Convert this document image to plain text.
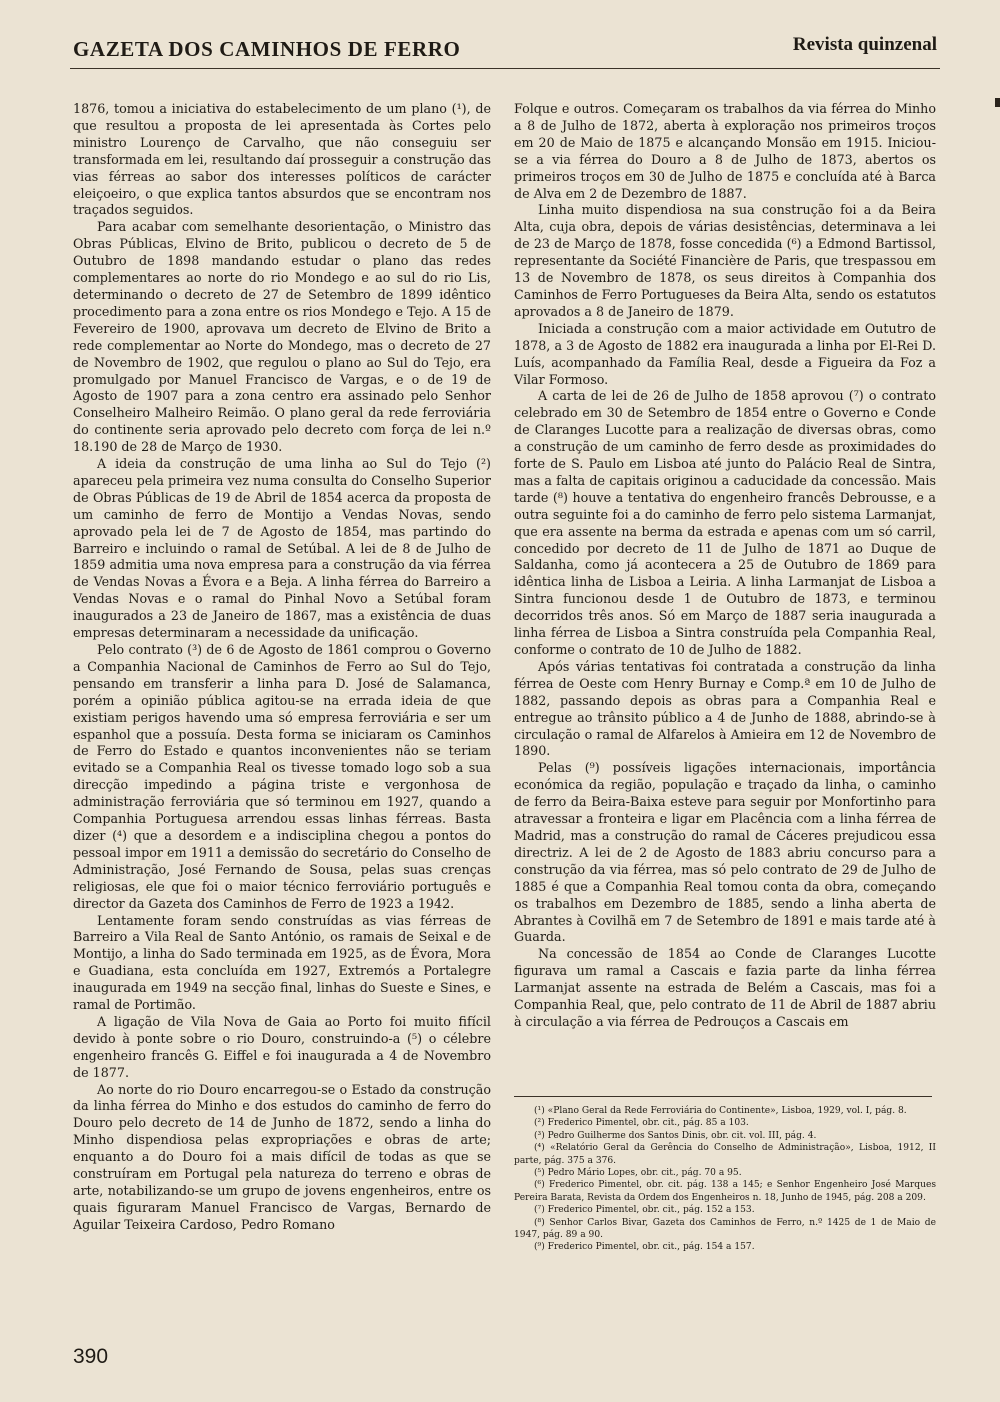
GAZETA DOS CAMINHOS DE FERRO	Revista quinzenal

1876, tomou a iniciativa do estabelecimento de um plano (¹), de que resultou a proposta de lei apresentada às Cortes pelo ministro Lourenço de Carvalho, que não conseguiu ser transformada em lei, resultando daí prosseguir a construção das vias férreas ao sabor dos interesses políticos de carácter eleiçoeiro, o que explica tantos absurdos que se encontram nos traçados seguidos.

Para acabar com semelhante desorientação, o Ministro das Obras Públicas, Elvino de Brito, publicou o decreto de 5 de Outubro de 1898 mandando estudar o plano das redes complementares ao norte do rio Mondego e ao sul do rio Lis, determinando o decreto de 27 de Setembro de 1899 idêntico procedimento para a zona entre os rios Mondego e Tejo. A 15 de Fevereiro de 1900, aprovava um decreto de Elvino de Brito a rede complementar ao Norte do Mondego, mas o decreto de 27 de Novembro de 1902, que regulou o plano ao Sul do Tejo, era promulgado por Manuel Francisco de Vargas, e o de 19 de Agosto de 1907 para a zona centro era assinado pelo Senhor Conselheiro Malheiro Reimão. O plano geral da rede ferroviária do continente seria aprovado pelo decreto com força de lei n.º 18.190 de 28 de Março de 1930.

A ideia da construção de uma linha ao Sul do Tejo (²) apareceu pela primeira vez numa consulta do Conselho Superior de Obras Públicas de 19 de Abril de 1854 acerca da proposta de um caminho de ferro de Montijo a Vendas Novas, sendo aprovado pela lei de 7 de Agosto de 1854, mas partindo do Barreiro e incluindo o ramal de Setúbal. A lei de 8 de Julho de 1859 admitia uma nova empresa para a construção da via férrea de Vendas Novas a Évora e a Beja. A linha férrea do Barreiro a Vendas Novas e o ramal do Pinhal Novo a Setúbal foram inaugurados a 23 de Janeiro de 1867, mas a existência de duas empresas determinaram a necessidade da unificação.

Pelo contrato (³) de 6 de Agosto de 1861 comprou o Governo a Companhia Nacional de Caminhos de Ferro ao Sul do Tejo, pensando em transferir a linha para D. José de Salamanca, porém a opinião pública agitou-se na errada ideia de que existiam perigos havendo uma só empresa ferroviária e ser um espanhol que a possuía. Desta forma se iniciaram os Caminhos de Ferro do Estado e quantos inconvenientes não se teriam evitado se a Companhia Real os tivesse tomado logo sob a sua direcção impedindo a página triste e vergonhosa de administração ferroviária que só terminou em 1927, quando a Companhia Portuguesa arrendou essas linhas férreas. Basta dizer (⁴) que a desordem e a indisciplina chegou a pontos do pessoal impor em 1911 a demissão do secretário do Conselho de Administração, José Fernando de Sousa, pelas suas crenças religiosas, ele que foi o maior técnico ferroviário português e director da Gazeta dos Caminhos de Ferro de 1923 a 1942.

Lentamente foram sendo construídas as vias férreas de Barreiro a Vila Real de Santo António, os ramais de Seixal e de Montijo, a linha do Sado terminada em 1925, as de Évora, Mora e Guadiana, esta concluída em 1927, Extremós a Portalegre inaugurada em 1949 na secção final, linhas do Sueste e Sines, e ramal de Portimão.

A ligação de Vila Nova de Gaia ao Porto foi muito fifícil devido à ponte sobre o rio Douro, construindo-a (⁵) o célebre engenheiro francês G. Eiffel e foi inaugurada a 4 de Novembro de 1877.

Ao norte do rio Douro encarregou-se o Estado da construção da linha férrea do Minho e dos estudos do caminho de ferro do Douro pelo decreto de 14 de Junho de 1872, sendo a linha do Minho dispendiosa pelas expropriações e obras de arte; enquanto a do Douro foi a mais difícil de todas as que se construíram em Portugal pela natureza do terreno e obras de arte, notabilizando-se um grupo de jovens engenheiros, entre os quais figuraram Manuel Francisco de Vargas, Bernardo de Aguilar Teixeira Cardoso, Pedro Romano

Folque e outros. Começaram os trabalhos da via férrea do Minho a 8 de Julho de 1872, aberta à exploração nos primeiros troços em 20 de Maio de 1875 e alcançando Monsão em 1915. Iniciou-se a via férrea do Douro a 8 de Julho de 1873, abertos os primeiros troços em 30 de Julho de 1875 e concluída até à Barca de Alva em 2 de Dezembro de 1887.

Linha muito dispendiosa na sua construção foi a da Beira Alta, cuja obra, depois de várias desistências, determinava a lei de 23 de Março de 1878, fosse concedida (⁶) a Edmond Bartissol, representante da Société Financière de Paris, que trespassou em 13 de Novembro de 1878, os seus direitos à Companhia dos Caminhos de Ferro Portugueses da Beira Alta, sendo os estatutos aprovados a 8 de Janeiro de 1879.

Iniciada a construção com a maior actividade em Oututro de 1878, a 3 de Agosto de 1882 era inaugurada a linha por El-Rei D. Luís, acompanhado da Família Real, desde a Figueira da Foz a Vilar Formoso.

A carta de lei de 26 de Julho de 1858 aprovou (⁷) o contrato celebrado em 30 de Setembro de 1854 entre o Governo e Conde de Claranges Lucotte para a realização de diversas obras, como a construção de um caminho de ferro desde as proximidades do forte de S. Paulo em Lisboa até junto do Palácio Real de Sintra, mas a falta de capitais originou a caducidade da concessão. Mais tarde (⁸) houve a tentativa do engenheiro francês Debrousse, e a outra seguinte foi a do caminho de ferro pelo sistema Larmanjat, que era assente na berma da estrada e apenas com um só carril, concedido por decreto de 11 de Julho de 1871 ao Duque de Saldanha, como já acontecera a 25 de Outubro de 1869 para idêntica linha de Lisboa a Leiria. A linha Larmanjat de Lisboa a Sintra funcionou desde 1 de Outubro de 1873, e terminou decorridos três anos. Só em Março de 1887 seria inaugurada a linha férrea de Lisboa a Sintra construída pela Companhia Real, conforme o contrato de 10 de Julho de 1882.

Após várias tentativas foi contratada a construção da linha férrea de Oeste com Henry Burnay e Comp.ª em 10 de Julho de 1882, passando depois as obras para a Companhia Real e entregue ao trânsito público a 4 de Junho de 1888, abrindo-se à circulação o ramal de Alfarelos à Amieira em 12 de Novembro de 1890.

Pelas (⁹) possíveis ligações internacionais, importância económica da região, população e traçado da linha, o caminho de ferro da Beira-Baixa esteve para seguir por Monfortinho para atravessar a fronteira e ligar em Placência com a linha férrea de Madrid, mas a construção do ramal de Cáceres prejudicou essa directriz. A lei de 2 de Agosto de 1883 abriu concurso para a construção da via férrea, mas só pelo contrato de 29 de Julho de 1885 é que a Companhia Real tomou conta da obra, começando os trabalhos em Dezembro de 1885, sendo a linha aberta de Abrantes à Covilhã em 7 de Setembro de 1891 e mais tarde até à Guarda.

Na concessão de 1854 ao Conde de Claranges Lucotte figurava um ramal a Cascais e fazia parte da linha férrea Larmanjat assente na estrada de Belém a Cascais, mas foi a Companhia Real, que, pelo contrato de 11 de Abril de 1887 abriu à circulação a via férrea de Pedrouços a Cascais em

(¹) «Plano Geral da Rede Ferroviária do Continente», Lisboa, 1929, vol. I, pág. 8.
(²) Frederico Pimentel, obr. cit., pág. 85 a 103.
(³) Pedro Guilherme dos Santos Dinis, obr. cit. vol. III, pág. 4.
(⁴) «Relatório Geral da Gerência do Conselho de Administração», Lisboa, 1912, II parte, pág. 375 a 376.
(⁵) Pedro Mário Lopes, obr. cit., pág. 70 a 95.
(⁶) Frederico Pimentel, obr. cit. pág. 138 a 145; e Senhor Engenheiro José Marques Pereira Barata, Revista da Ordem dos Engenheiros n. 18, Junho de 1945, pág. 208 a 209.
(⁷) Frederico Pimentel, obr. cit., pág. 152 a 153.
(⁸) Senhor Carlos Bivar, Gazeta dos Caminhos de Ferro, n.º 1425 de 1 de Maio de 1947, pág. 89 a 90.
(⁹) Frederico Pimentel, obr. cit., pág. 154 a 157.
390
